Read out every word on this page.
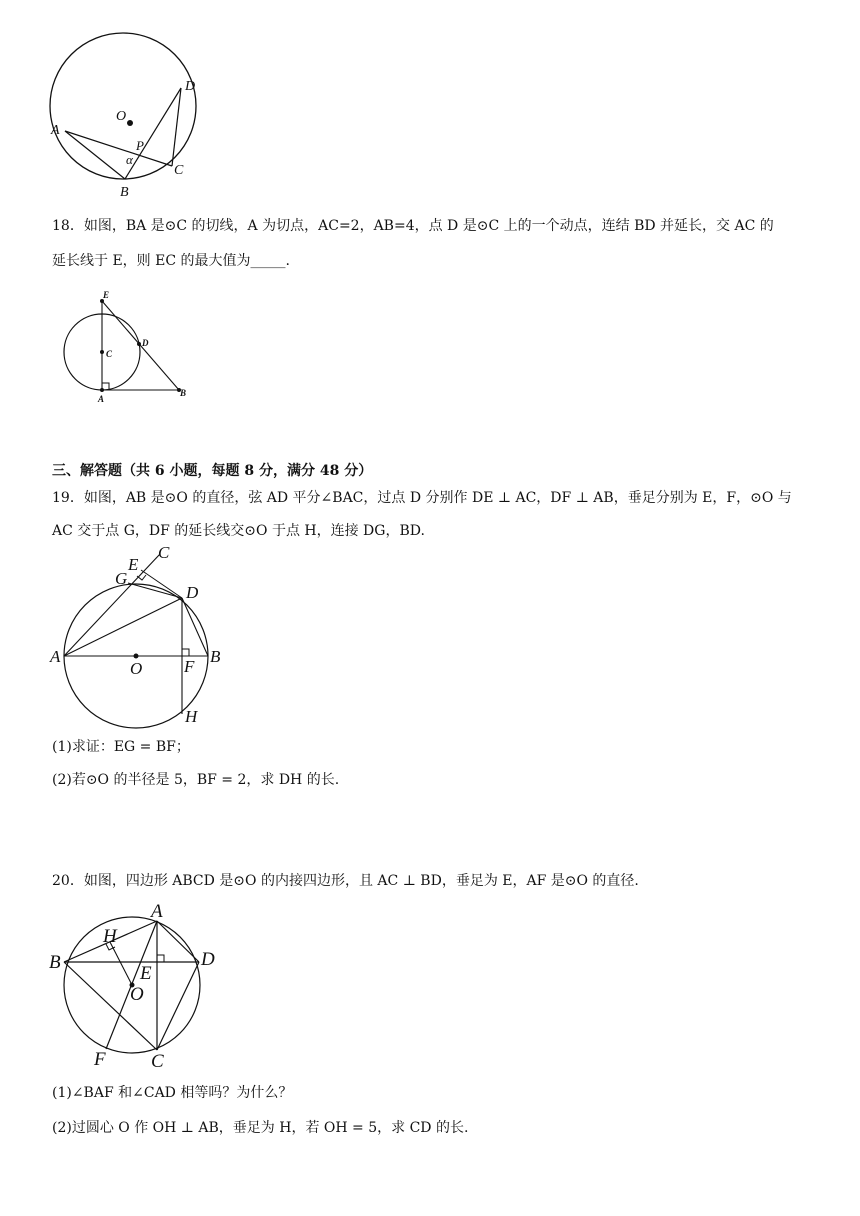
O
A
D
P
α
B
C
18．如图，BA 是⊙C 的切线，A 为切点，AC=2，AB=4，点 D 是⊙C 上的一个动点，连结 BD 并延长，交 AC 的
延长线于 E，则 EC 的最大值为_____.
E
C
D
A
B
三、解答题（共 6 小题，每题 8 分，满分 48 分）
19．如图，AB 是⊙O 的直径，弦 AD 平分∠BAC，过点 D 分别作 DE ⊥ AC，DF ⊥ AB，垂足分别为 E，F，⊙O 与
AC 交于点 G，DF 的延长线交⊙O 于点 H，连接 DG，BD.
C
E
G
D
A
O F
B
H
(1)求证：EG = BF；
(2)若⊙O 的半径是 5，BF = 2，求 DH 的长.
20．如图，四边形 ABCD 是⊙O 的内接四边形，且 AC ⊥ BD，垂足为 E，AF 是⊙O 的直径.
A
H
B	D
E
O
F C
(1)∠BAF 和∠CAD 相等吗？为什么？
(2)过圆心 O 作 OH ⊥ AB，垂足为 H，若 OH = 5，求 CD 的长.
